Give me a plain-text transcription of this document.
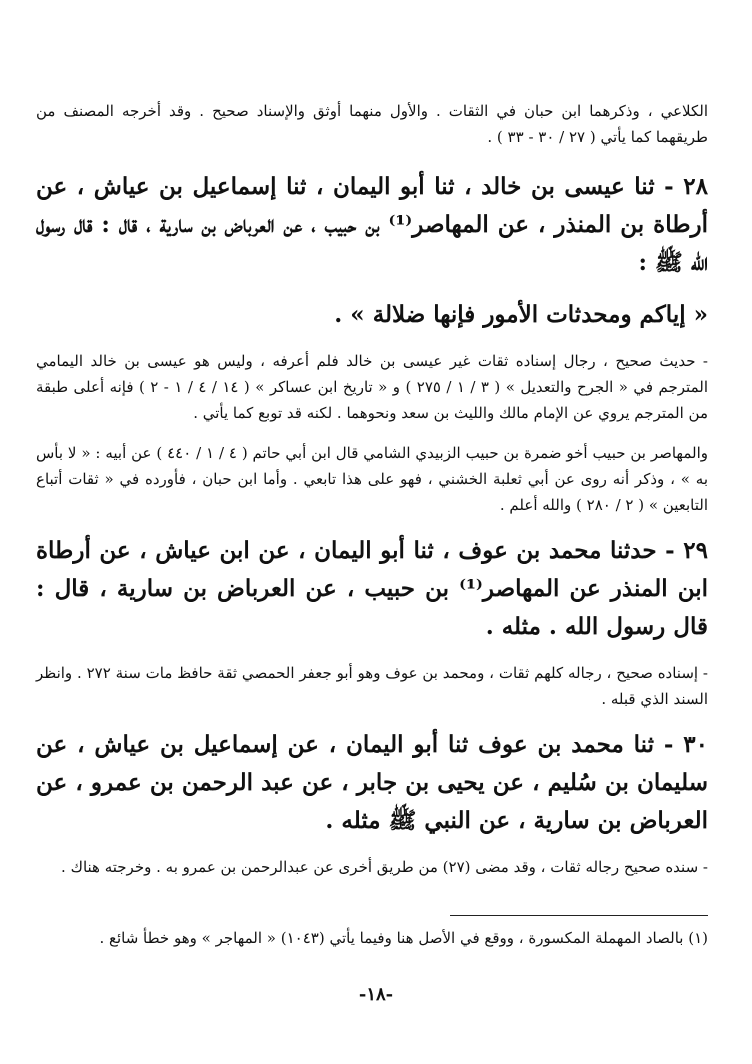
الكلاعي ، وذكرهما ابن حبان في الثقات . والأول منهما أوثق والإسناد صحيح . وقد أخرجه المصنف من طريقهما كما يأتي ( ٢٧ / ٣٠ - ٣٣ ) .

٢٨ - ثنا عيسى بن خالد ، ثنا أبو اليمان ، ثنا إسماعيل بن عياش ، عن أرطاة بن المنذر ، عن المهاصر⁽¹⁾ بن حبيب ، عن العرباض بن سارية ، قال : قال رسول الله ﷺ :

« إياكم ومحدثات الأمور فإنها ضلالة » .

- حديث صحيح ، رجال إسناده ثقات غير عيسى بن خالد فلم أعرفه ، وليس هو عيسى بن خالد اليمامي المترجم في « الجرح والتعديل » ( ٣ / ١ / ٢٧٥ ) و « تاريخ ابن عساكر » ( ١٤ / ٤ / ١ - ٢ ) فإنه أعلى طبقة من المترجم يروي عن الإمام مالك والليث بن سعد ونحوهما . لكنه قد توبع كما يأتي .

والمهاصر بن حبيب أخو ضمرة بن حبيب الزبيدي الشامي قال ابن أبي حاتم ( ٤ / ١ / ٤٤٠ ) عن أبيه : « لا بأس به » ، وذكر أنه روى عن أبي ثعلبة الخشني ، فهو على هذا تابعي . وأما ابن حبان ، فأورده في « ثقات أتباع التابعين » ( ٢ / ٢٨٠ ) والله أعلم .

٢٩ - حدثنا محمد بن عوف ، ثنا أبو اليمان ، عن ابن عياش ، عن أرطاة ابن المنذر عن المهاصر⁽¹⁾ بن حبيب ، عن العرباض بن سارية ، قال : قال رسول الله . مثله .

- إسناده صحيح ، رجاله كلهم ثقات ، ومحمد بن عوف وهو أبو جعفر الحمصي ثقة حافظ مات سنة ٢٧٢ . وانظر السند الذي قبله .

٣٠ - ثنا محمد بن عوف ثنا أبو اليمان ، عن إسماعيل بن عياش ، عن سليمان بن سُليم ، عن يحيى بن جابر ، عن عبد الرحمن بن عمرو ، عن العرباض بن سارية ، عن النبي ﷺ مثله .

- سنده صحيح رجاله ثقات ، وقد مضى (٢٧) من طريق أخرى عن عبدالرحمن بن عمرو به . وخرجته هناك .

(١) بالصاد المهملة المكسورة ، ووقع في الأصل هنا وفيما يأتي (١٠٤٣) « المهاجر » وهو خطأ شائع .

-١٨-
